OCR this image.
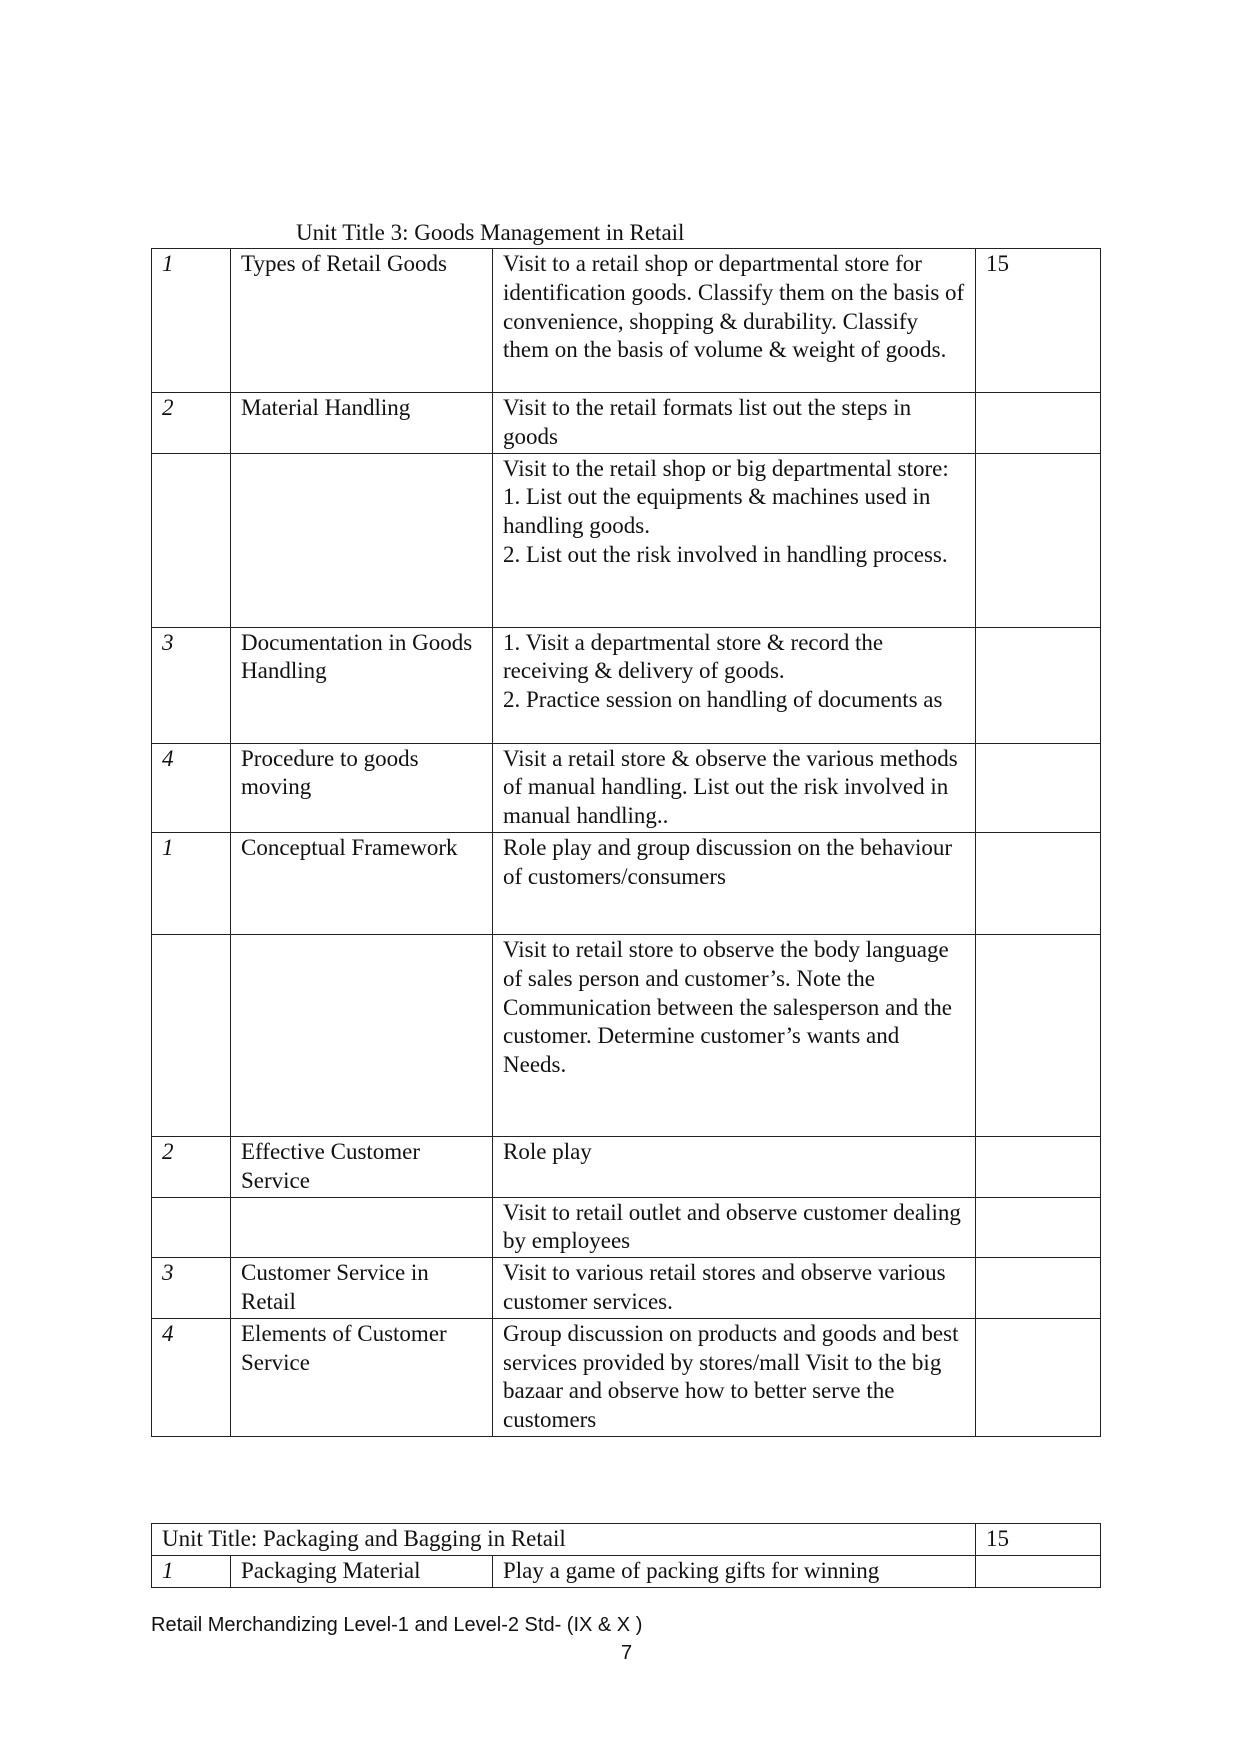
Unit Title 3: Goods Management in Retail
1	Types of Retail Goods	Visit to a retail shop or departmental store for identification goods. Classify them on the basis of convenience, shopping & durability. Classify them on the basis of volume & weight of goods.	15
2	Material Handling	Visit to the retail formats list out the steps in goods	

		Visit to the retail shop or big departmental store:
1. List out the equipments & machines used in handling goods.
2. List out the risk involved in handling process.	

3	Documentation in Goods Handling	1. Visit a departmental store & record the receiving & delivery of goods.
2. Practice session on handling of documents as	

4	Procedure to goods moving	Visit a retail store & observe the various methods of manual handling. List out the risk involved in manual handling..	

1	Conceptual Framework	Role play and group discussion on the behaviour of customers/consumers	

		Visit to retail store to observe the body language of sales person and customer’s. Note the
Communication between the salesperson and the customer. Determine customer’s wants and
Needs.	

2	Effective Customer Service	Role play	

		Visit to retail outlet and observe customer dealing by employees	

3	Customer Service in Retail	Visit to various retail stores and observe various customer services.	

4	Elements of Customer Service	Group discussion on products and goods and best services provided by stores/mall Visit to the big bazaar and observe how to better serve the customers	

Unit Title: Packaging and Bagging in Retail			15
1	Packaging Material	Play a game of packing gifts for winning	

Retail Merchandizing Level-1 and Level-2 Std- (IX & X )
7
